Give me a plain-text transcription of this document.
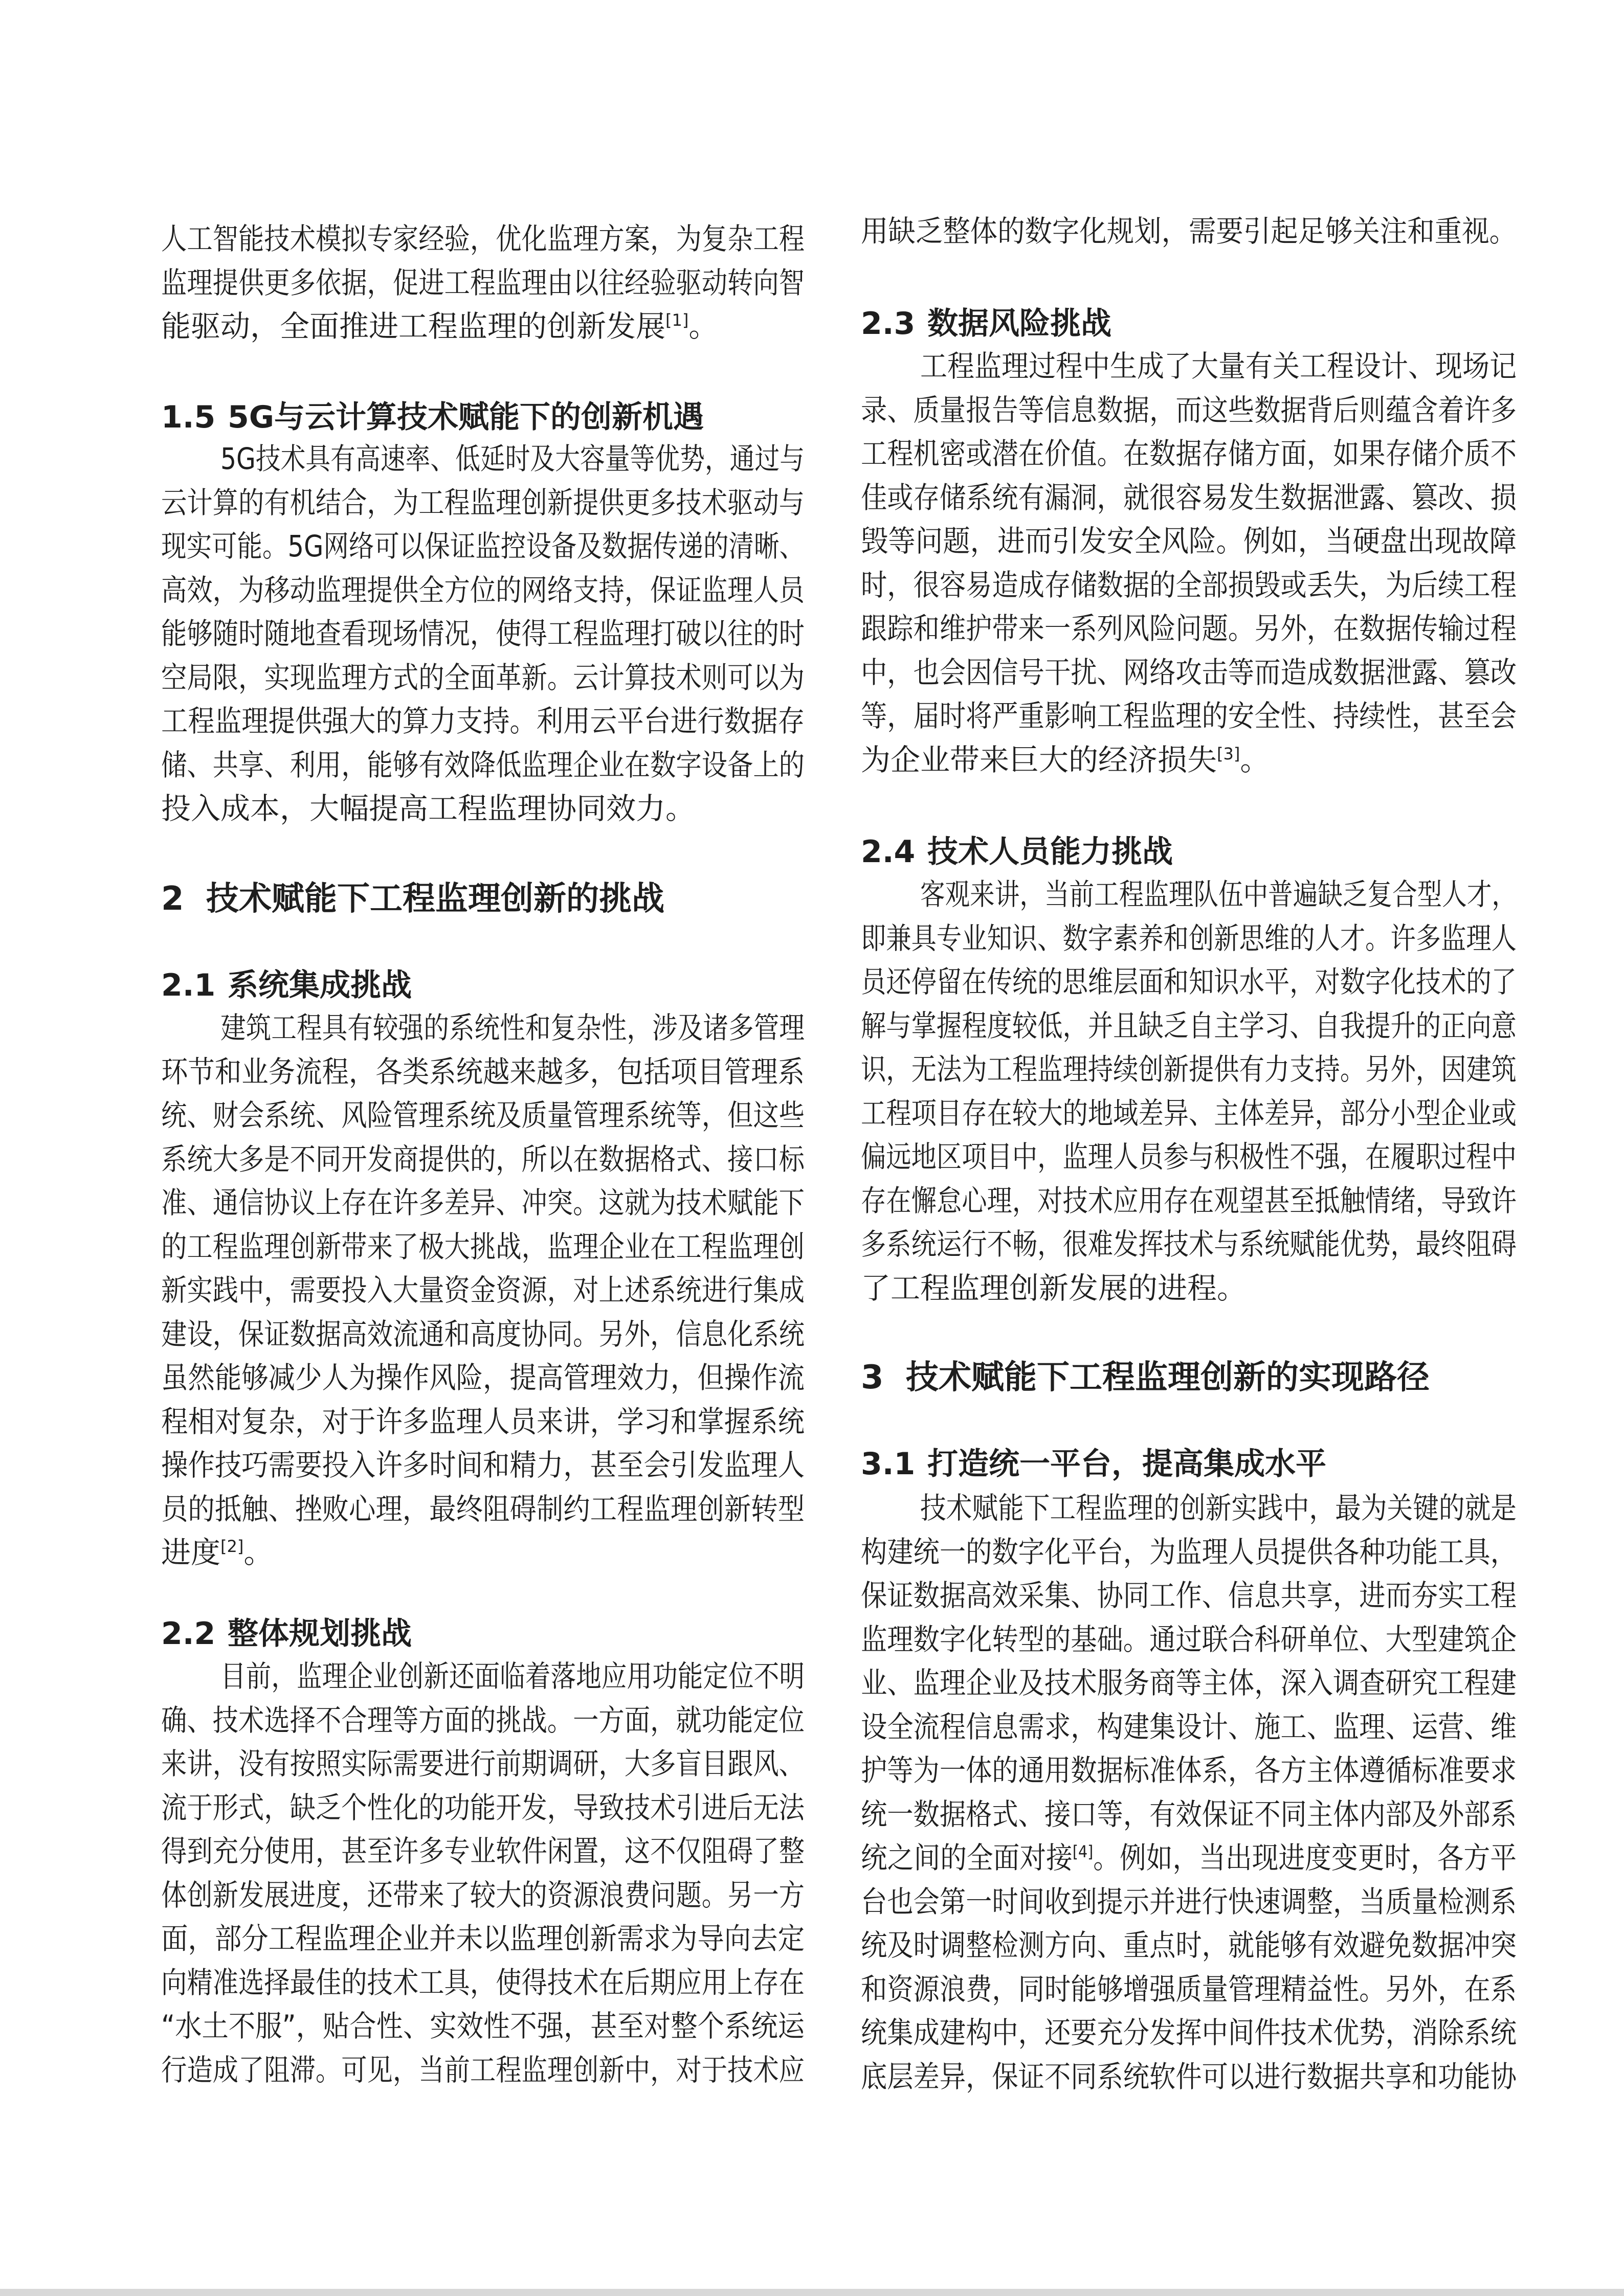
人工智能技术模拟专家经验，优化监理方案，为复杂工程
监理提供更多依据，促进工程监理由以往经验驱动转向智
能驱动，全面推进工程监理的创新发展[1]。
1.5 5G与云计算技术赋能下的创新机遇
5G技术具有高速率、低延时及大容量等优势，通过与
云计算的有机结合，为工程监理创新提供更多技术驱动与
现实可能。5G网络可以保证监控设备及数据传递的清晰、
高效，为移动监理提供全方位的网络支持，保证监理人员
能够随时随地查看现场情况，使得工程监理打破以往的时
空局限，实现监理方式的全面革新。云计算技术则可以为
工程监理提供强大的算力支持。利用云平台进行数据存
储、共享、利用，能够有效降低监理企业在数字设备上的
投入成本，大幅提高工程监理协同效力。
2 技术赋能下工程监理创新的挑战
2.1 系统集成挑战
建筑工程具有较强的系统性和复杂性，涉及诸多管理
环节和业务流程，各类系统越来越多，包括项目管理系
统、财会系统、风险管理系统及质量管理系统等，但这些
系统大多是不同开发商提供的，所以在数据格式、接口标
准、通信协议上存在许多差异、冲突。这就为技术赋能下
的工程监理创新带来了极大挑战，监理企业在工程监理创
新实践中，需要投入大量资金资源，对上述系统进行集成
建设，保证数据高效流通和高度协同。另外，信息化系统
虽然能够减少人为操作风险，提高管理效力，但操作流
程相对复杂，对于许多监理人员来讲，学习和掌握系统
操作技巧需要投入许多时间和精力，甚至会引发监理人
员的抵触、挫败心理，最终阻碍制约工程监理创新转型
进度[2]。
2.2 整体规划挑战
目前，监理企业创新还面临着落地应用功能定位不明
确、技术选择不合理等方面的挑战。一方面，就功能定位
来讲，没有按照实际需要进行前期调研，大多盲目跟风、
流于形式，缺乏个性化的功能开发，导致技术引进后无法
得到充分使用，甚至许多专业软件闲置，这不仅阻碍了整
体创新发展进度，还带来了较大的资源浪费问题。另一方
面，部分工程监理企业并未以监理创新需求为导向去定
向精准选择最佳的技术工具，使得技术在后期应用上存在
“水土不服”，贴合性、实效性不强，甚至对整个系统运
行造成了阻滞。可见，当前工程监理创新中，对于技术应
用缺乏整体的数字化规划，需要引起足够关注和重视。
2.3 数据风险挑战
工程监理过程中生成了大量有关工程设计、现场记
录、质量报告等信息数据，而这些数据背后则蕴含着许多
工程机密或潜在价值。在数据存储方面，如果存储介质不
佳或存储系统有漏洞，就很容易发生数据泄露、篡改、损
毁等问题，进而引发安全风险。例如，当硬盘出现故障
时，很容易造成存储数据的全部损毁或丢失，为后续工程
跟踪和维护带来一系列风险问题。另外，在数据传输过程
中，也会因信号干扰、网络攻击等而造成数据泄露、篡改
等，届时将严重影响工程监理的安全性、持续性，甚至会
为企业带来巨大的经济损失[3]。
2.4 技术人员能力挑战
客观来讲，当前工程监理队伍中普遍缺乏复合型人才，
即兼具专业知识、数字素养和创新思维的人才。许多监理人
员还停留在传统的思维层面和知识水平，对数字化技术的了
解与掌握程度较低，并且缺乏自主学习、自我提升的正向意
识，无法为工程监理持续创新提供有力支持。另外，因建筑
工程项目存在较大的地域差异、主体差异，部分小型企业或
偏远地区项目中，监理人员参与积极性不强，在履职过程中
存在懈怠心理，对技术应用存在观望甚至抵触情绪，导致许
多系统运行不畅，很难发挥技术与系统赋能优势，最终阻碍
了工程监理创新发展的进程。
3 技术赋能下工程监理创新的实现路径
3.1 打造统一平台，提高集成水平
技术赋能下工程监理的创新实践中，最为关键的就是
构建统一的数字化平台，为监理人员提供各种功能工具，
保证数据高效采集、协同工作、信息共享，进而夯实工程
监理数字化转型的基础。通过联合科研单位、大型建筑企
业、监理企业及技术服务商等主体，深入调查研究工程建
设全流程信息需求，构建集设计、施工、监理、运营、维
护等为一体的通用数据标准体系，各方主体遵循标准要求
统一数据格式、接口等，有效保证不同主体内部及外部系
统之间的全面对接[4]。例如，当出现进度变更时，各方平
台也会第一时间收到提示并进行快速调整，当质量检测系
统及时调整检测方向、重点时，就能够有效避免数据冲突
和资源浪费，同时能够增强质量管理精益性。另外，在系
统集成建构中，还要充分发挥中间件技术优势，消除系统
底层差异，保证不同系统软件可以进行数据共享和功能协
